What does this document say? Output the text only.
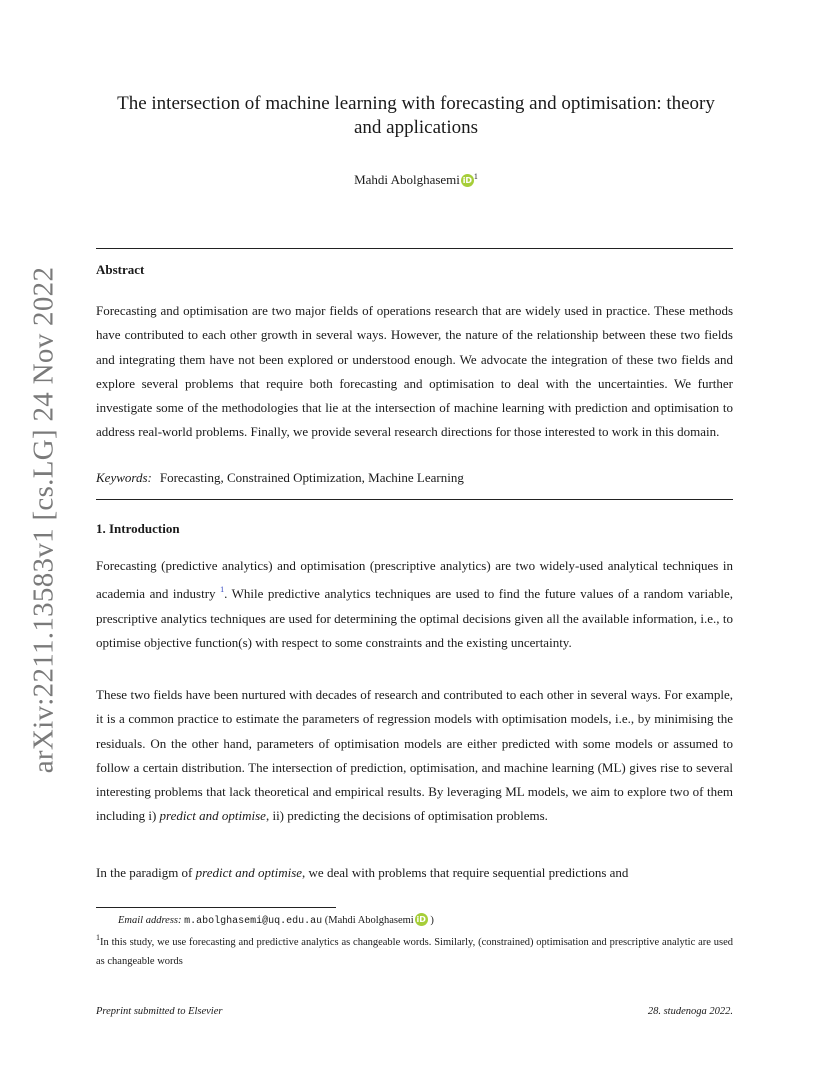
arXiv:2211.13583v1 [cs.LG] 24 Nov 2022
The intersection of machine learning with forecasting and optimisation: theory
and applications
Mahdi Abolghasemi iD $^1$
Abstract

Forecasting and optimisation are two major fields of operations research that are widely used in practice. These methods have contributed to each other growth in several ways. However, the nature of the relationship between these two fields and integrating them have not been explored or understood enough. We advocate the integration of these two fields and explore several problems that require both forecasting and optimisation to deal with the uncertainties. We further investigate some of the methodologies that lie at the intersection of machine learning with prediction and optimisation to address real-world problems. Finally, we provide several research directions for those interested to work in this domain.

Keywords: Forecasting, Constrained Optimization, Machine Learning
1. Introduction

Forecasting (predictive analytics) and optimisation (prescriptive analytics) are two widely-used analytical techniques in academia and industry $^1$. While predictive analytics techniques are used to find the future values of a random variable, prescriptive analytics techniques are used for determining the optimal decisions given all the available information, i.e., to optimise objective function(s) with respect to some constraints and the existing uncertainty.

These two fields have been nurtured with decades of research and contributed to each other in several ways. For example, it is a common practice to estimate the parameters of regression models with optimisation models, i.e., by minimising the residuals. On the other hand, parameters of optimisation models are either predicted with some models or assumed to follow a certain distribution. The intersection of prediction, optimisation, and machine learning (ML) gives rise to several interesting problems that lack theoretical and empirical results. By leveraging ML models, we aim to explore two of them including i) predict and optimise, ii) predicting the decisions of optimisation problems.

In the paradigm of predict and optimise, we deal with problems that require sequential predictions and

Email address: m.abolghasemi@uq.edu.au (Mahdi Abolghasemi iD )
$^1$In this study, we use forecasting and predictive analytics as changeable words. Similarly, (constrained) optimisation and prescriptive analytic are used as changeable words
Preprint submitted to Elsevier	28. studenoga 2022.
